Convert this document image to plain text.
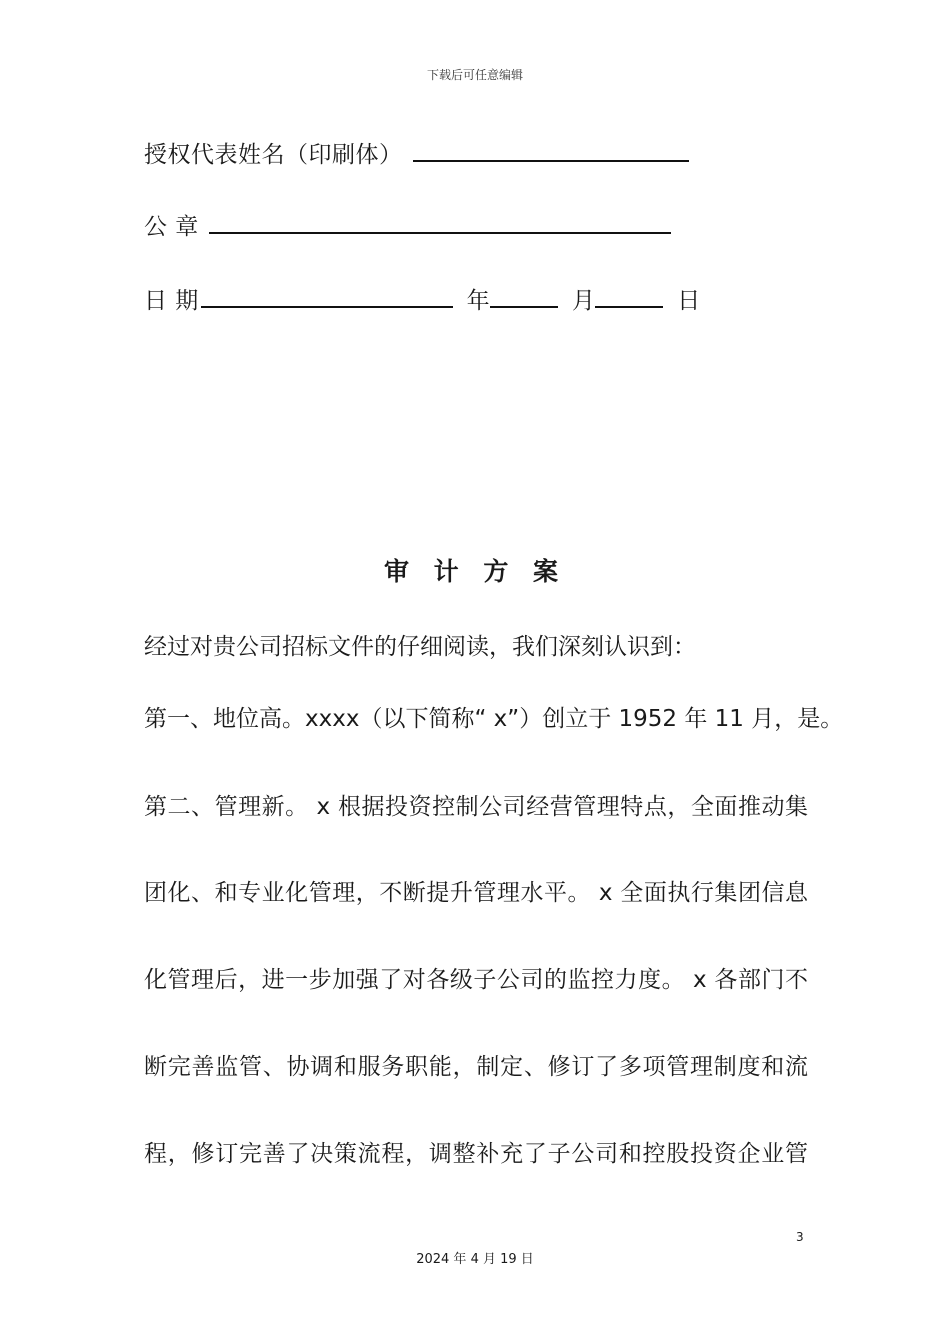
下载后可任意编辑
授权代表姓名（印刷体）
公 章
日 期	年	月	日
审 计 方 案
经过对贵公司招标文件的仔细阅读，我们深刻认识到：
第一、地位高。xxxx（以下简称“ x”）创立于 1952 年 11 月，是。
第二、管理新。 x 根据投资控制公司经营管理特点，全面推动集
团化、和专业化管理，不断提升管理水平。 x 全面执行集团信息
化管理后，进一步加强了对各级子公司的监控力度。 x 各部门不
断完善监管、协调和服务职能，制定、修订了多项管理制度和流
程，修订完善了决策流程，调整补充了子公司和控股投资企业管
3
2024 年 4 月 19 日
